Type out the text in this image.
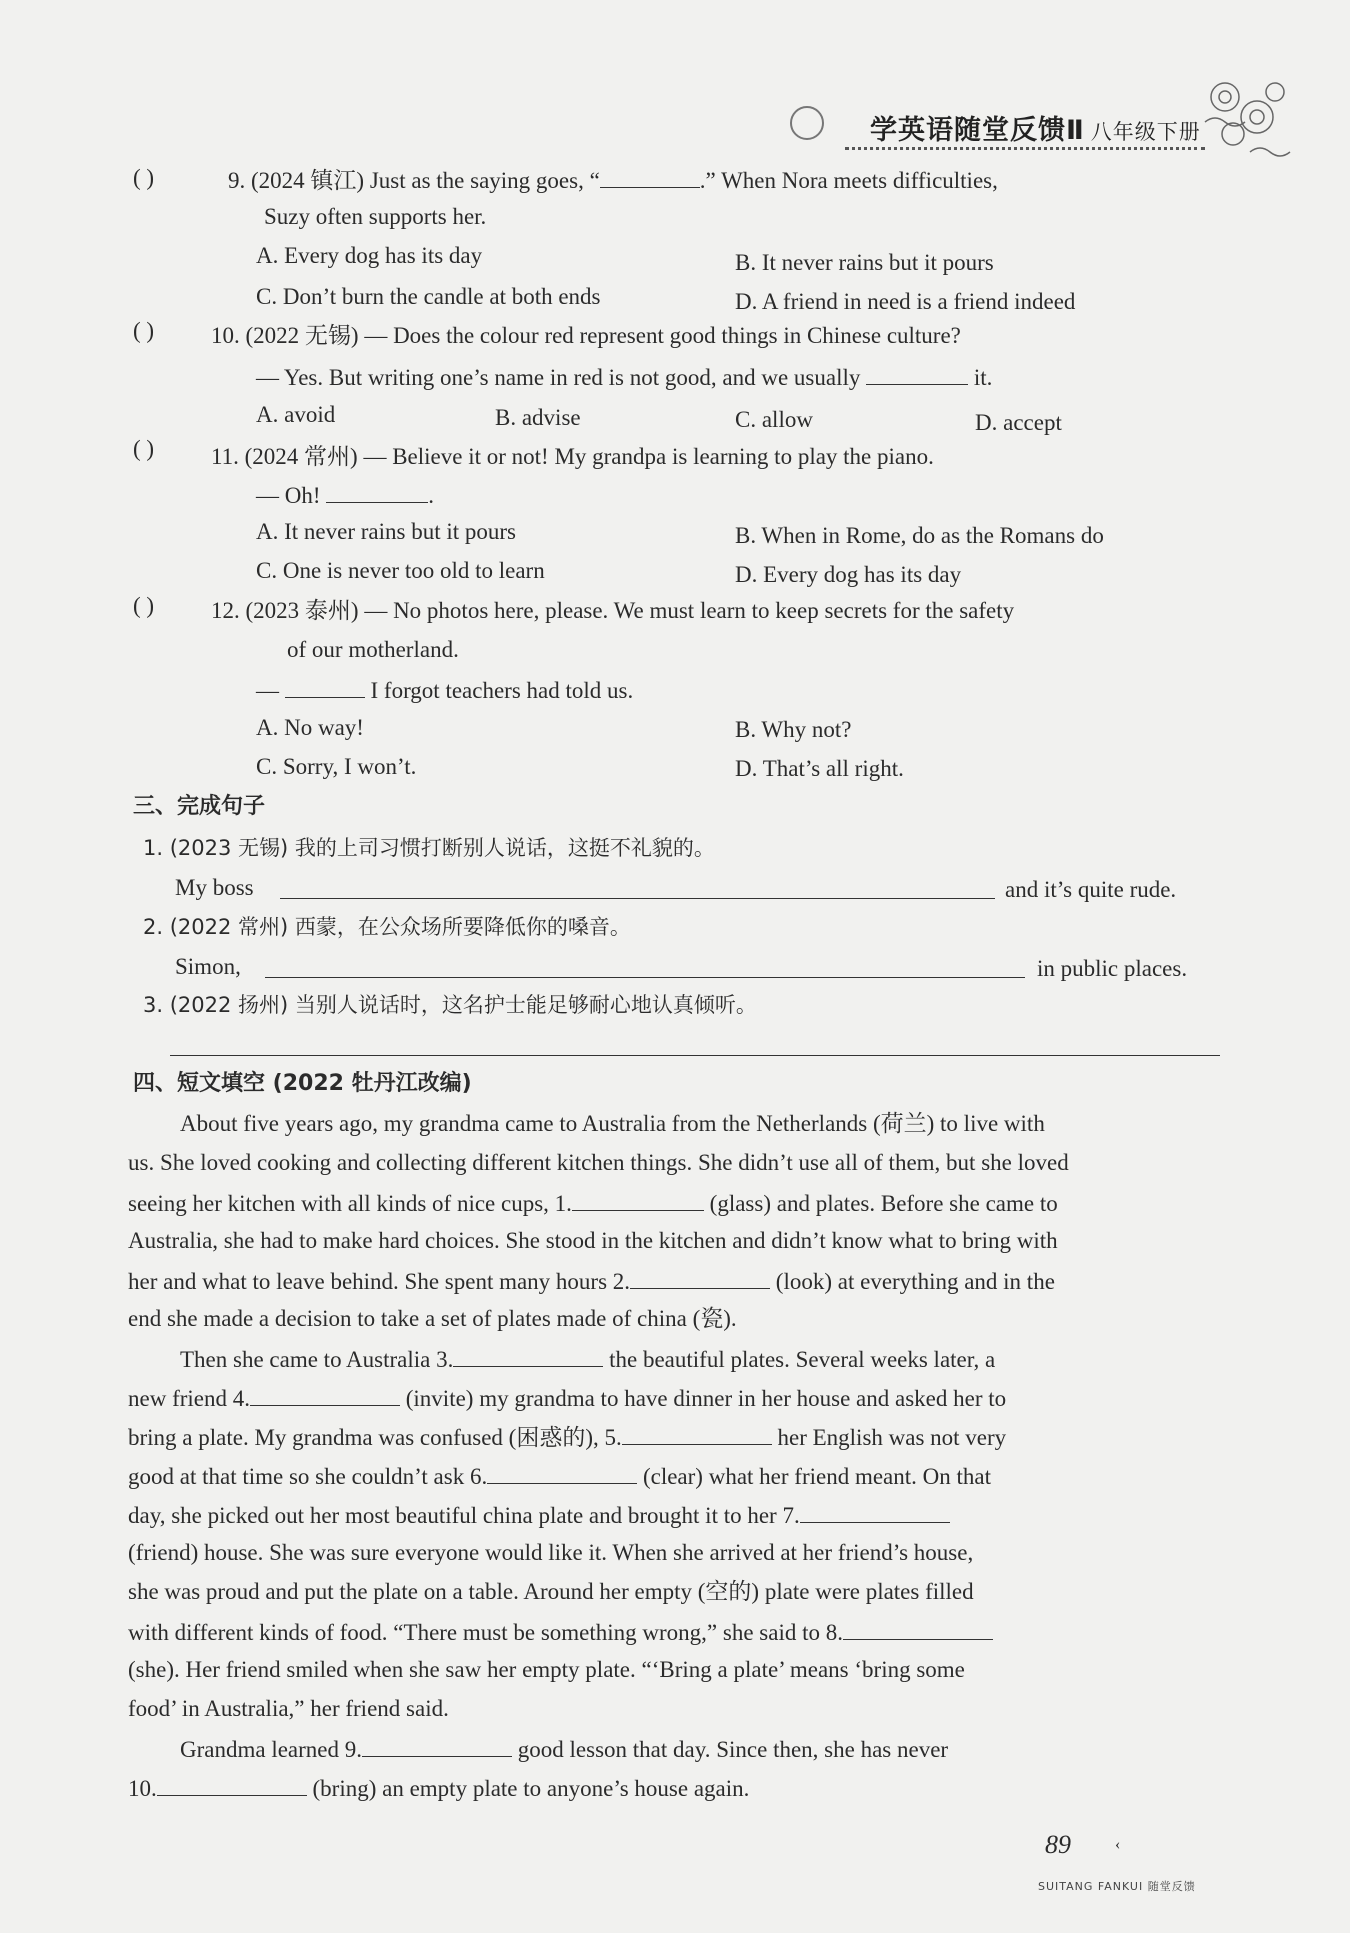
学英语随堂反馈Ⅱ 八年级下册
( )	9. (2024 镇江) Just as the saying goes, “	.” When Nora meets difficulties,
Suzy often supports her.
A. Every dog has its day	B. It never rains but it pours
C. Don’t burn the candle at both ends	D. A friend in need is a friend indeed
( ) 10. (2022 无锡) — Does the colour red represent good things in Chinese culture?
— Yes. But writing one’s name in red is not good, and we usually	it.
A. avoid	B. advise	C. allow	D. accept
( ) 11. (2024 常州) — Believe it or not! My grandpa is learning to play the piano.
— Oh!	.
A. It never rains but it pours	B. When in Rome, do as the Romans do
C. One is never too old to learn	D. Every dog has its day
( ) 12. (2023 泰州) — No photos here, please. We must learn to keep secrets for the safety
of our motherland.
—	I forgot teachers had told us.
A. No way!	B. Why not?
C. Sorry, I won’t.	D. That’s all right.
三、完成句子
1. (2023 无锡) 我的上司习惯打断别人说话，这挺不礼貌的。
My boss	and it’s quite rude.
2. (2022 常州) 西蒙，在公众场所要降低你的嗓音。
Simon,	in public places.
3. (2022 扬州) 当别人说话时，这名护士能足够耐心地认真倾听。
四、短文填空 (2022 牡丹江改编)
About five years ago, my grandma came to Australia from the Netherlands (荷兰) to live with
us. She loved cooking and collecting different kitchen things. She didn’t use all of them, but she loved
seeing her kitchen with all kinds of nice cups, 1.	(glass) and plates. Before she came to
Australia, she had to make hard choices. She stood in the kitchen and didn’t know what to bring with
her and what to leave behind. She spent many hours 2.	(look) at everything and in the
end she made a decision to take a set of plates made of china (瓷).
Then she came to Australia 3.	the beautiful plates. Several weeks later, a
new friend 4.	(invite) my grandma to have dinner in her house and asked her to
bring a plate. My grandma was confused (困惑的), 5.	her English was not very
good at that time so she couldn’t ask 6.	(clear) what her friend meant. On that
day, she picked out her most beautiful china plate and brought it to her 7.
(friend) house. She was sure everyone would like it. When she arrived at her friend’s house,
she was proud and put the plate on a table. Around her empty (空的) plate were plates filled
with different kinds of food. “There must be something wrong,” she said to 8.
(she). Her friend smiled when she saw her empty plate. “‘Bring a plate’ means ‘bring some
food’ in Australia,” her friend said.
Grandma learned 9.	good lesson that day. Since then, she has never
10.	(bring) an empty plate to anyone’s house again.
89	‹
SUITANG FANKUI 随堂反馈
